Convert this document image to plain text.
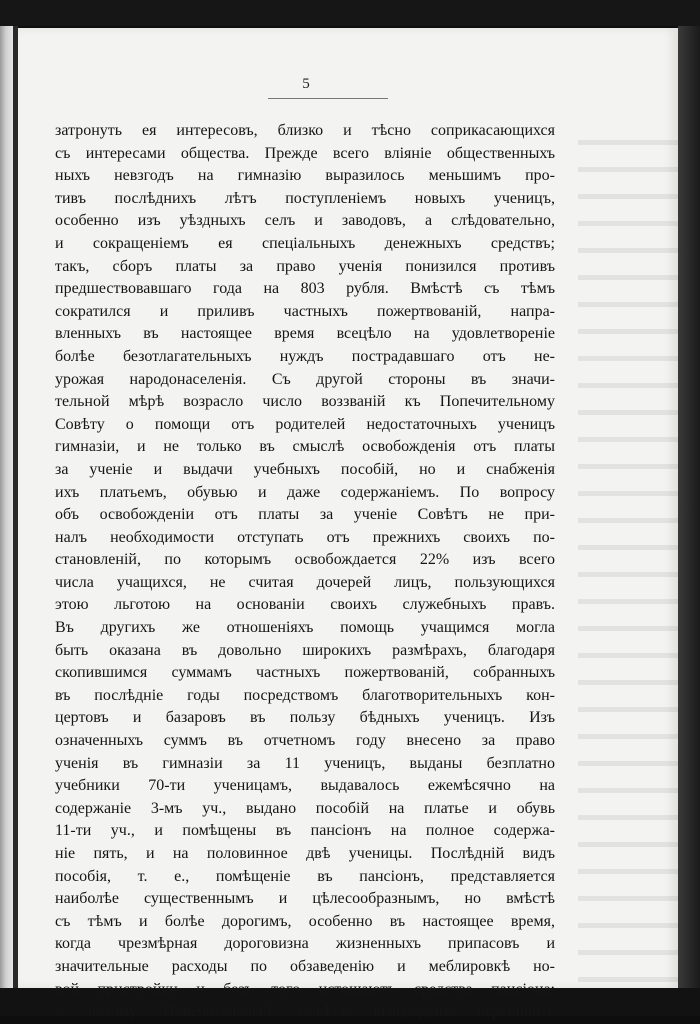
5
затронуть ея интересовъ, близко и тѣсно соприкасающихся
съ интересами общества. Прежде всего вліяніе общественныхъ
ныхъ невзгодъ на гимназію выразилось меньшимъ про-
тивъ послѣднихъ лѣтъ поступленіемъ новыхъ ученицъ,
особенно изъ уѣздныхъ селъ и заводовъ, а слѣдовательно,
и сокращеніемъ ея спеціальныхъ денежныхъ средствъ;
такъ, сборъ платы за право ученія понизился противъ
предшествовавшаго года на 803 рубля. Вмѣстѣ съ тѣмъ
сократился и приливъ частныхъ пожертвованій, напра-
вленныхъ въ настоящее время всецѣло на удовлетвореніе
болѣе безотлагательныхъ нуждъ пострадавшаго отъ не-
урожая народонаселенія. Съ другой стороны въ значи-
тельной мѣрѣ возрасло число воззваній къ Попечительному
Совѣту о помощи отъ родителей недостаточныхъ ученицъ
гимназіи, и не только въ смыслѣ освобожденія отъ платы
за ученіе и выдачи учебныхъ пособій, но и снабженія
ихъ платьемъ, обувью и даже содержаніемъ. По вопросу
объ освобожденіи отъ платы за ученіе Совѣтъ не при-
налъ необходимости отступать отъ прежнихъ своихъ по-
становленій, по которымъ освобождается 22% изъ всего
числа учащихся, не считая дочерей лицъ, пользующихся
этою льготою на основаніи своихъ служебныхъ правъ.
Въ другихъ же отношеніяхъ помощь учащимся могла
быть оказана въ довольно широкихъ размѣрахъ, благодаря
скопившимся суммамъ частныхъ пожертвованій, собранныхъ
въ послѣдніе годы посредствомъ благотворительныхъ кон-
цертовъ и базаровъ въ пользу бѣдныхъ ученицъ. Изъ
означенныхъ суммъ въ отчетномъ году внесено за право
ученія въ гимназіи за 11 ученицъ, выданы безплатно
учебники 70-ти ученицамъ, выдавалось ежемѣсячно на
содержаніе 3-мъ уч., выдано пособій на платье и обувь
11-ти уч., и помѣщены въ пансіонъ на полное содержа-
ніе пять, и на половинное двѣ ученицы. Послѣдній видъ
пособія, т. е., помѣщеніе въ пансіонъ, представляется
наиболѣе существеннымъ и цѣлесообразнымъ, но вмѣстѣ
съ тѣмъ и болѣе дорогимъ, особенно въ настоящее время,
когда чрезмѣрная дороговизна жизненныхъ припасовъ и
значительные расходы по обзаведенію и меблировкѣ но-
вой пристройки и безъ того истощаютъ средства пансіона;
а потому Попечительный Совѣтъ вынужденъ ограничить
